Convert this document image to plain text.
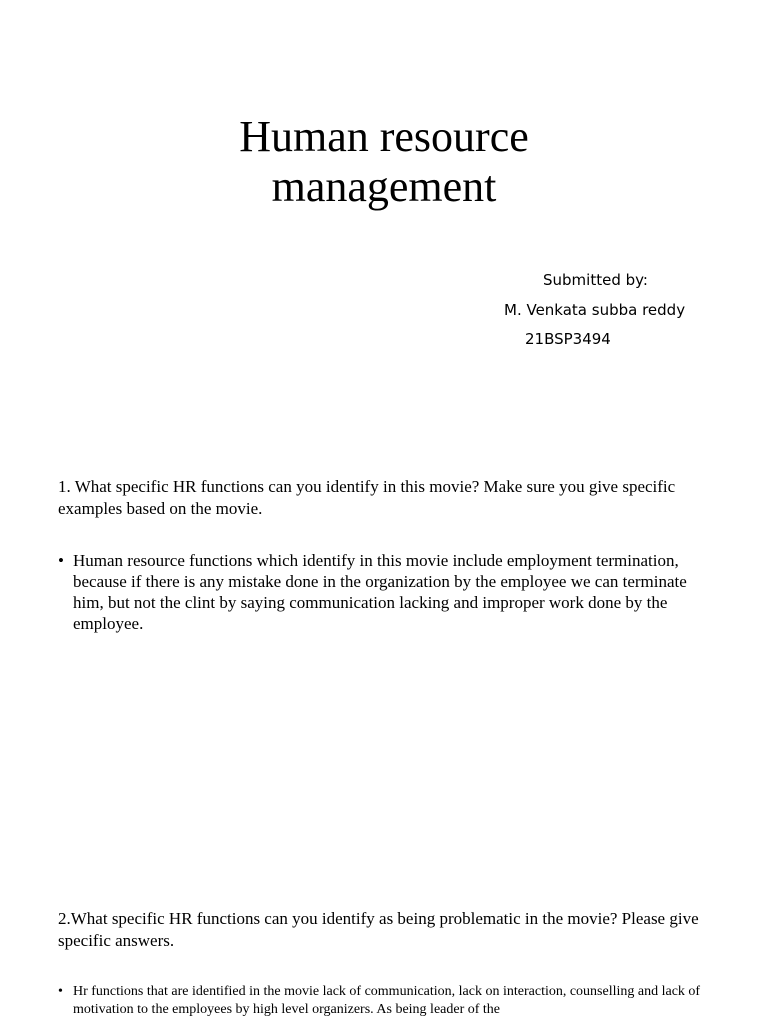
Human resource
management
Submitted by:
M. Venkata subba reddy
21BSP3494
1. What specific HR functions can you identify in this movie? Make sure you give specific examples based on the movie.
• Human resource functions which identify in this movie include employment termination, because if there is any mistake done in the organization by the employee we can terminate him, but not the clint by saying communication lacking and improper work done by the employee.
2.What specific HR functions can you identify as being problematic in the movie? Please give specific answers.
• Hr functions that are identified in the movie lack of communication, lack on interaction, counselling and lack of motivation to the employees by high level organizers. As being leader of the
